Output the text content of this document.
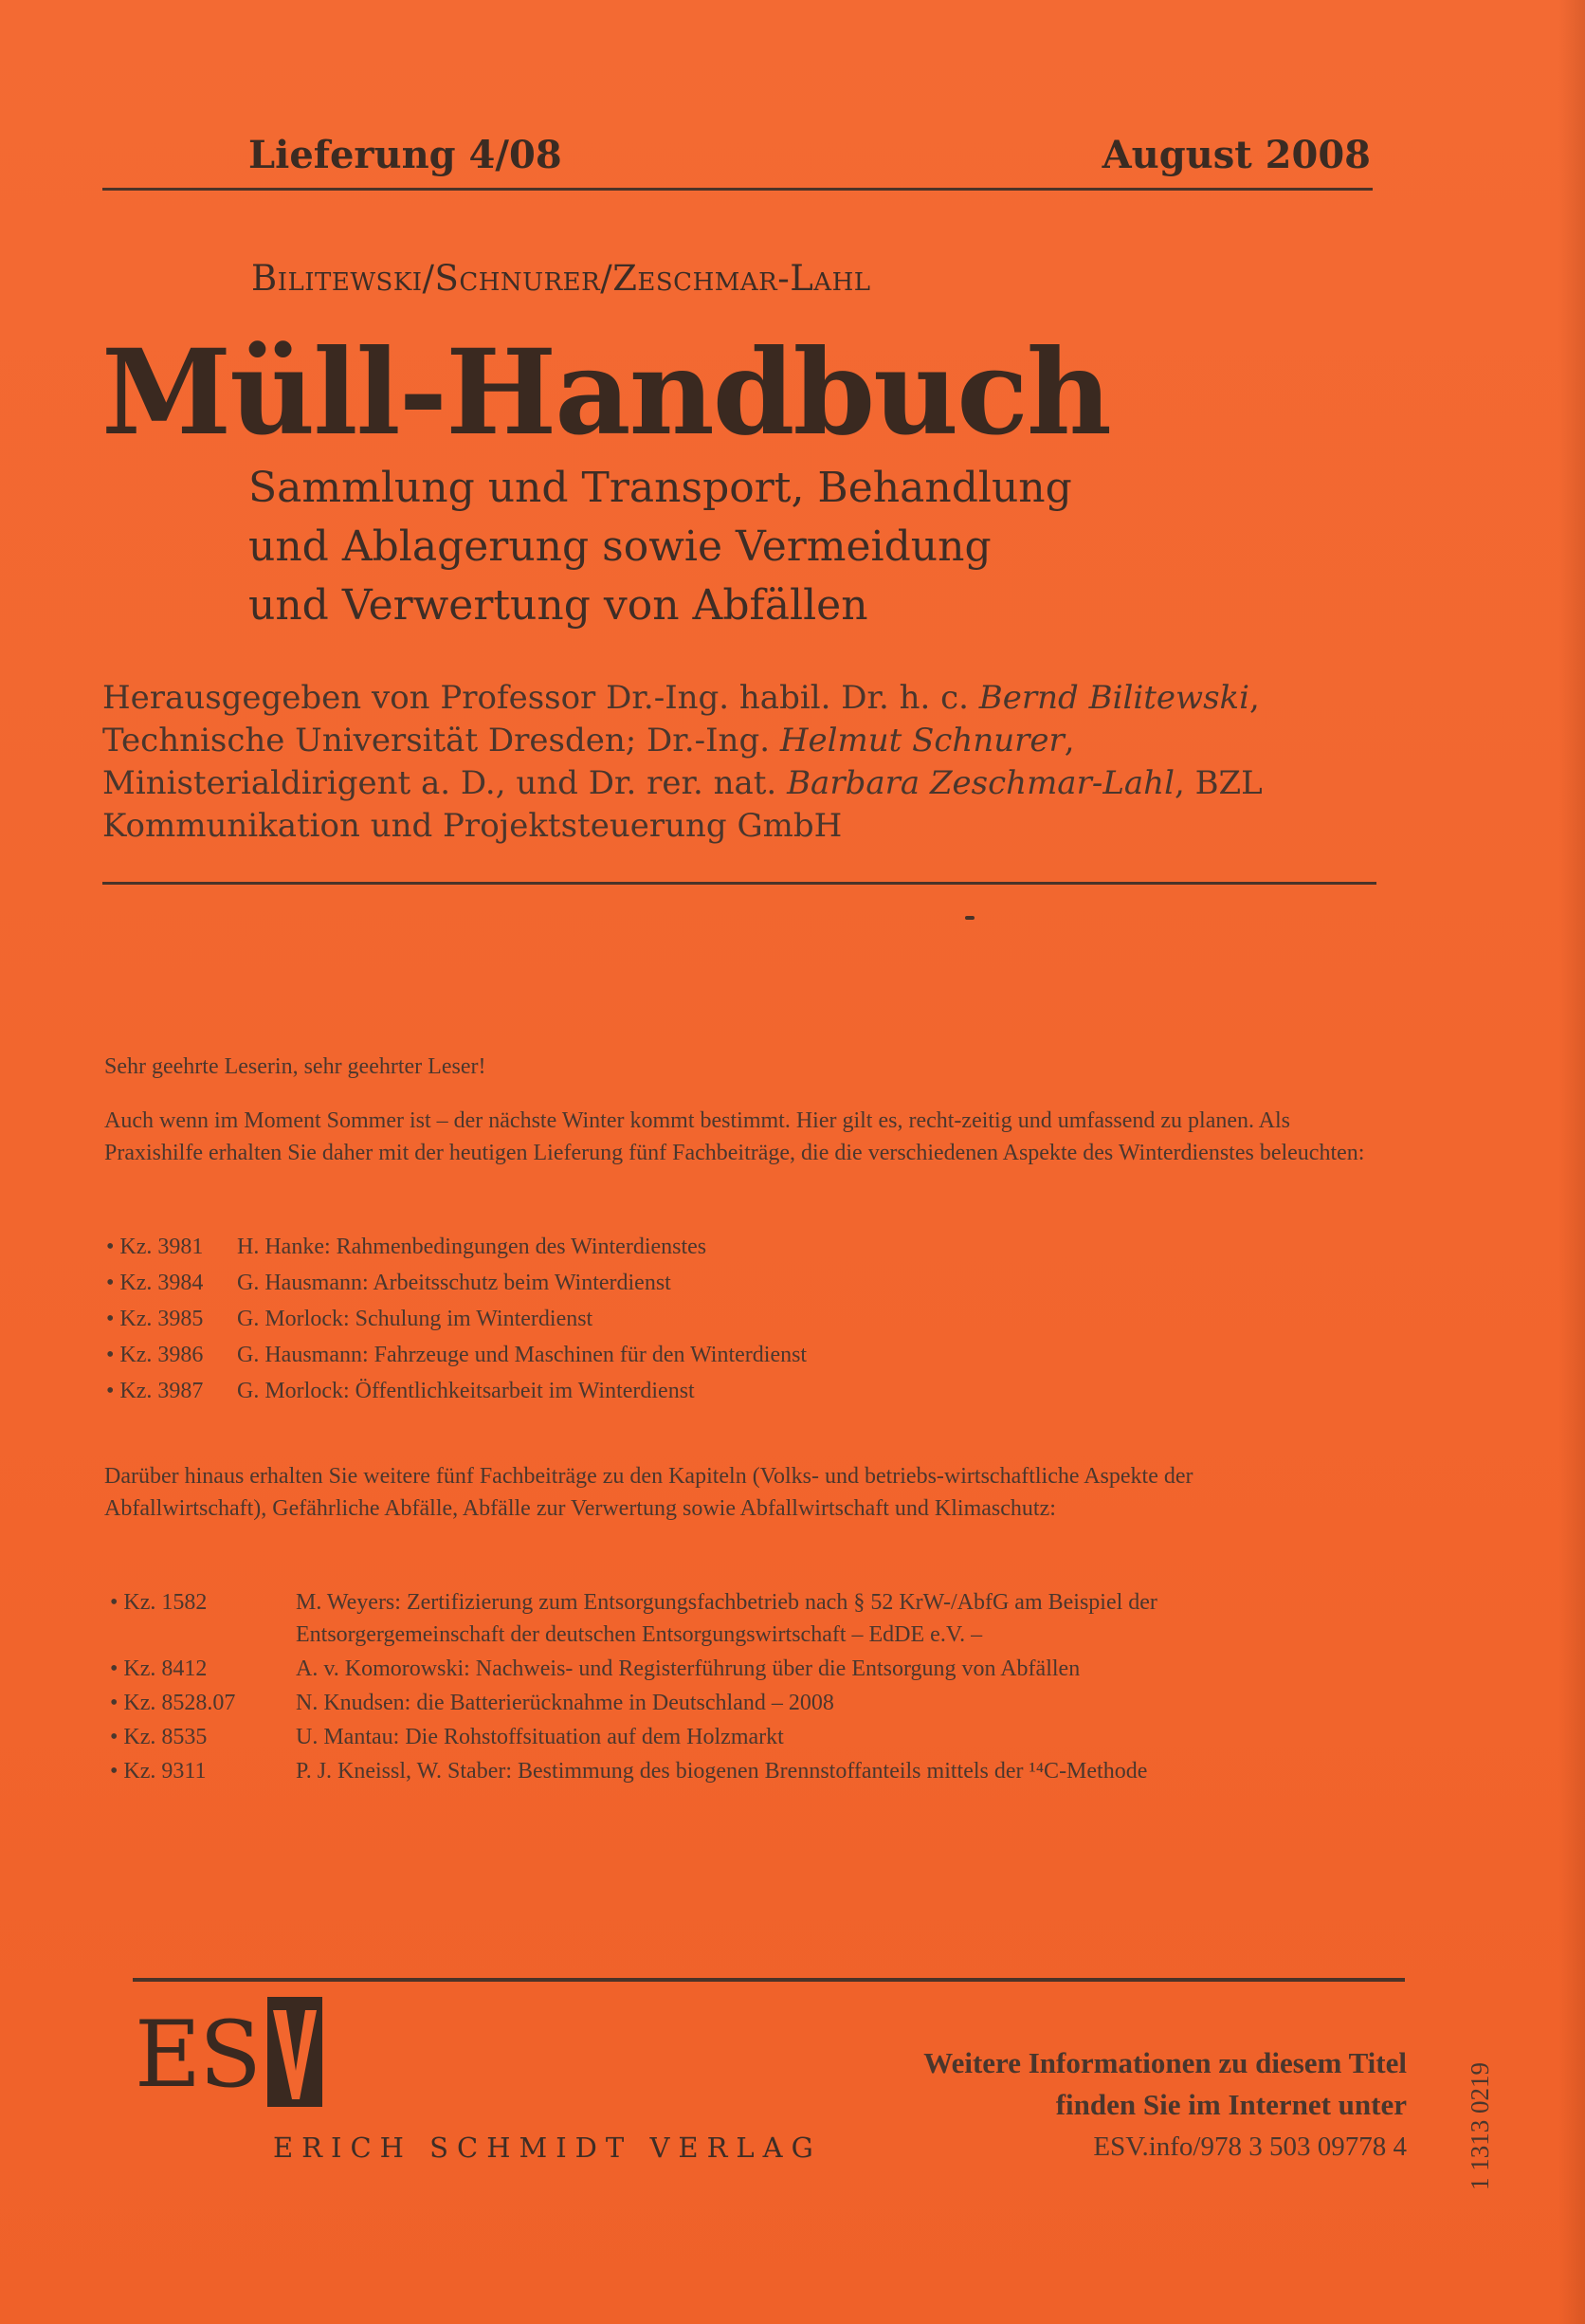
Lieferung 4/08	August 2008
Bilitewski/Schnurer/Zeschmar-Lahl
Müll-Handbuch
Sammlung und Transport, Behandlung
und Ablagerung sowie Vermeidung
und Verwertung von Abfällen
Herausgegeben von Professor Dr.-Ing. habil. Dr. h. c. Bernd Bilitewski, Technische Universität Dresden; Dr.-Ing. Helmut Schnurer, Ministerialdirigent a. D., und Dr. rer. nat. Barbara Zeschmar-Lahl, BZL Kommunikation und Projektsteuerung GmbH
Sehr geehrte Leserin, sehr geehrter Leser!
Auch wenn im Moment Sommer ist – der nächste Winter kommt bestimmt. Hier gilt es, recht-zeitig und umfassend zu planen. Als Praxishilfe erhalten Sie daher mit der heutigen Lieferung fünf Fachbeiträge, die die verschiedenen Aspekte des Winterdienstes beleuchten:
• Kz. 3981 H. Hanke: Rahmenbedingungen des Winterdienstes
• Kz. 3984 G. Hausmann: Arbeitsschutz beim Winterdienst
• Kz. 3985 G. Morlock: Schulung im Winterdienst
• Kz. 3986 G. Hausmann: Fahrzeuge und Maschinen für den Winterdienst
• Kz. 3987 G. Morlock: Öffentlichkeitsarbeit im Winterdienst
Darüber hinaus erhalten Sie weitere fünf Fachbeiträge zu den Kapiteln (Volks- und betriebs-wirtschaftliche Aspekte der Abfallwirtschaft), Gefährliche Abfälle, Abfälle zur Verwertung sowie Abfallwirtschaft und Klimaschutz:
• Kz. 1582	M. Weyers: Zertifizierung zum Entsorgungsfachbetrieb nach § 52 KrW-/AbfG am Beispiel der Entsorgergemeinschaft der deutschen Entsorgungswirtschaft – EdDE e.V. –
• Kz. 8412	A. v. Komorowski: Nachweis- und Registerführung über die Entsorgung von Abfällen
• Kz. 8528.07	N. Knudsen: die Batterierücknahme in Deutschland – 2008
• Kz. 8535	U. Mantau: Die Rohstoffsituation auf dem Holzmarkt
• Kz. 9311	P. J. Kneissl, W. Staber: Bestimmung des biogenen Brennstoffanteils mittels der ¹⁴C-Methode
ES
ERICH SCHMIDT VERLAG
Weitere Informationen zu diesem Titel
finden Sie im Internet unter
ESV.info/978 3 503 09778 4 1 1313 0219
